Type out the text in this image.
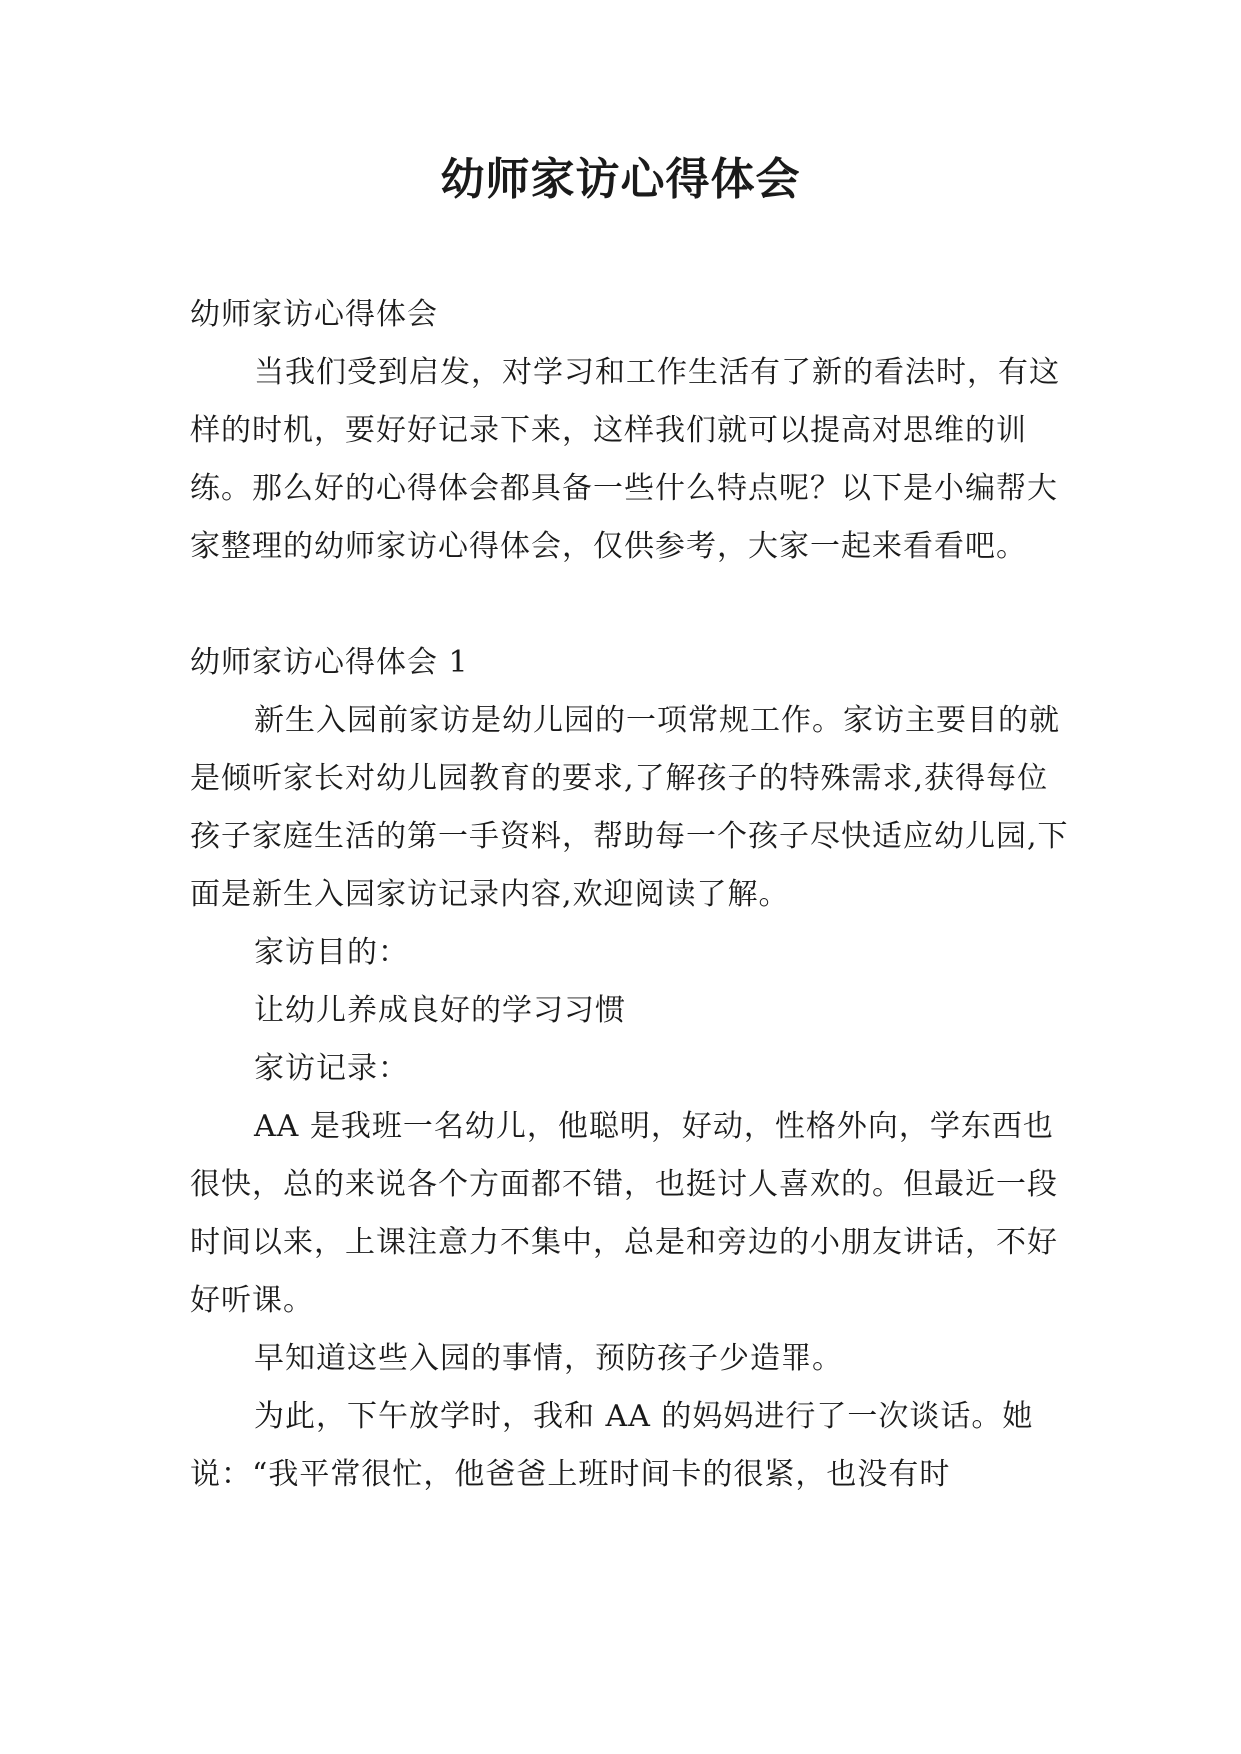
幼师家访心得体会

幼师家访心得体会

当我们受到启发，对学习和工作生活有了新的看法时，有这样的时机，要好好记录下来，这样我们就可以提高对思维的训练。那么好的心得体会都具备一些什么特点呢？以下是小编帮大家整理的幼师家访心得体会，仅供参考，大家一起来看看吧。

幼师家访心得体会 1

新生入园前家访是幼儿园的一项常规工作。家访主要目的就是倾听家长对幼儿园教育的要求,了解孩子的特殊需求,获得每位孩子家庭生活的第一手资料，帮助每一个孩子尽快适应幼儿园,下面是新生入园家访记录内容,欢迎阅读了解。

家访目的：

让幼儿养成良好的学习习惯

家访记录：

AA 是我班一名幼儿，他聪明，好动，性格外向，学东西也很快，总的来说各个方面都不错，也挺讨人喜欢的。但最近一段时间以来，上课注意力不集中，总是和旁边的小朋友讲话，不好好听课。

早知道这些入园的事情，预防孩子少造罪。

为此，下午放学时，我和 AA 的妈妈进行了一次谈话。她说：“我平常很忙，他爸爸上班时间卡的很紧，也没有时
